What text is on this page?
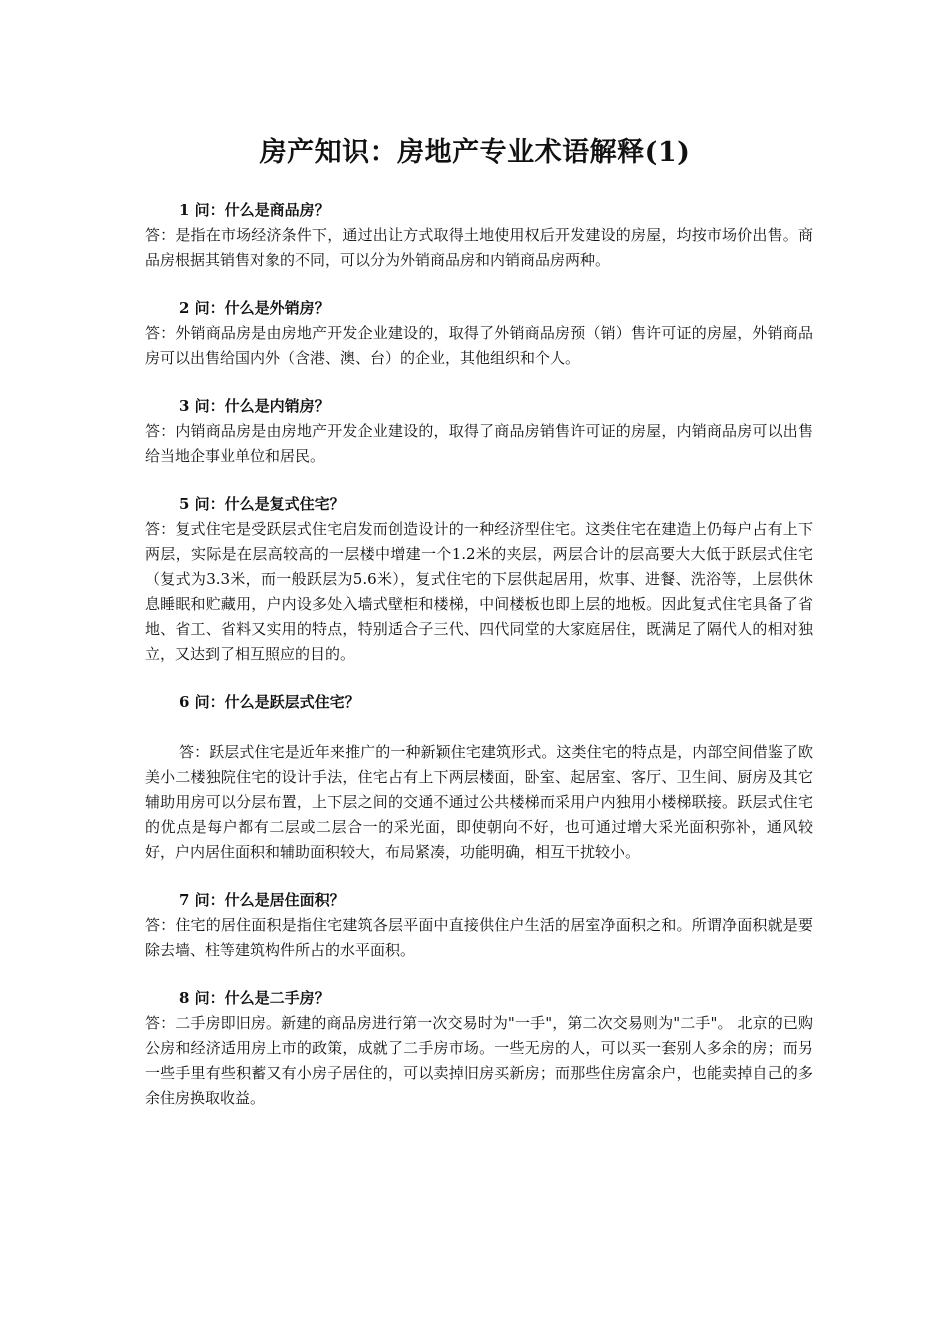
房产知识：房地产专业术语解释(1)
1 问：什么是商品房？

答：是指在市场经济条件下，通过出让方式取得土地使用权后开发建设的房屋，均按市场价出售。商品房根据其销售对象的不同，可以分为外销商品房和内销商品房两种。

2 问：什么是外销房？

答：外销商品房是由房地产开发企业建设的，取得了外销商品房预（销）售许可证的房屋，外销商品房可以出售给国内外（含港、澳、台）的企业，其他组织和个人。

3 问：什么是内销房？

答：内销商品房是由房地产开发企业建设的，取得了商品房销售许可证的房屋，内销商品房可以出售给当地企事业单位和居民。

5 问：什么是复式住宅？

答：复式住宅是受跃层式住宅启发而创造设计的一种经济型住宅。这类住宅在建造上仍每户占有上下两层，实际是在层高较高的一层楼中增建一个1.2米的夹层，两层合计的层高要大大低于跃层式住宅（复式为3.3米，而一般跃层为5.6米），复式住宅的下层供起居用，炊事、进餐、洗浴等，上层供休息睡眠和贮藏用，户内设多处入墙式壁柜和楼梯，中间楼板也即上层的地板。因此复式住宅具备了省地、省工、省料又实用的特点，特别适合子三代、四代同堂的大家庭居住，既满足了隔代人的相对独立，又达到了相互照应的目的。

6 问：什么是跃层式住宅？

答：跃层式住宅是近年来推广的一种新颖住宅建筑形式。这类住宅的特点是，内部空间借鉴了欧美小二楼独院住宅的设计手法，住宅占有上下两层楼面，卧室、起居室、客厅、卫生间、厨房及其它辅助用房可以分层布置，上下层之间的交通不通过公共楼梯而采用户内独用小楼梯联接。跃层式住宅的优点是每户都有二层或二层合一的采光面，即使朝向不好，也可通过增大采光面积弥补，通风较好，户内居住面积和辅助面积较大，布局紧凑，功能明确，相互干扰较小。

7 问：什么是居住面积？

答：住宅的居住面积是指住宅建筑各层平面中直接供住户生活的居室净面积之和。所谓净面积就是要除去墙、柱等建筑构件所占的水平面积。

8 问：什么是二手房？

答：二手房即旧房。新建的商品房进行第一次交易时为"一手"，第二次交易则为"二手"。 北京的已购公房和经济适用房上市的政策，成就了二手房市场。一些无房的人，可以买一套别人多余的房；而另一些手里有些积蓄又有小房子居住的，可以卖掉旧房买新房；而那些住房富余户，也能卖掉自己的多余住房换取收益。
